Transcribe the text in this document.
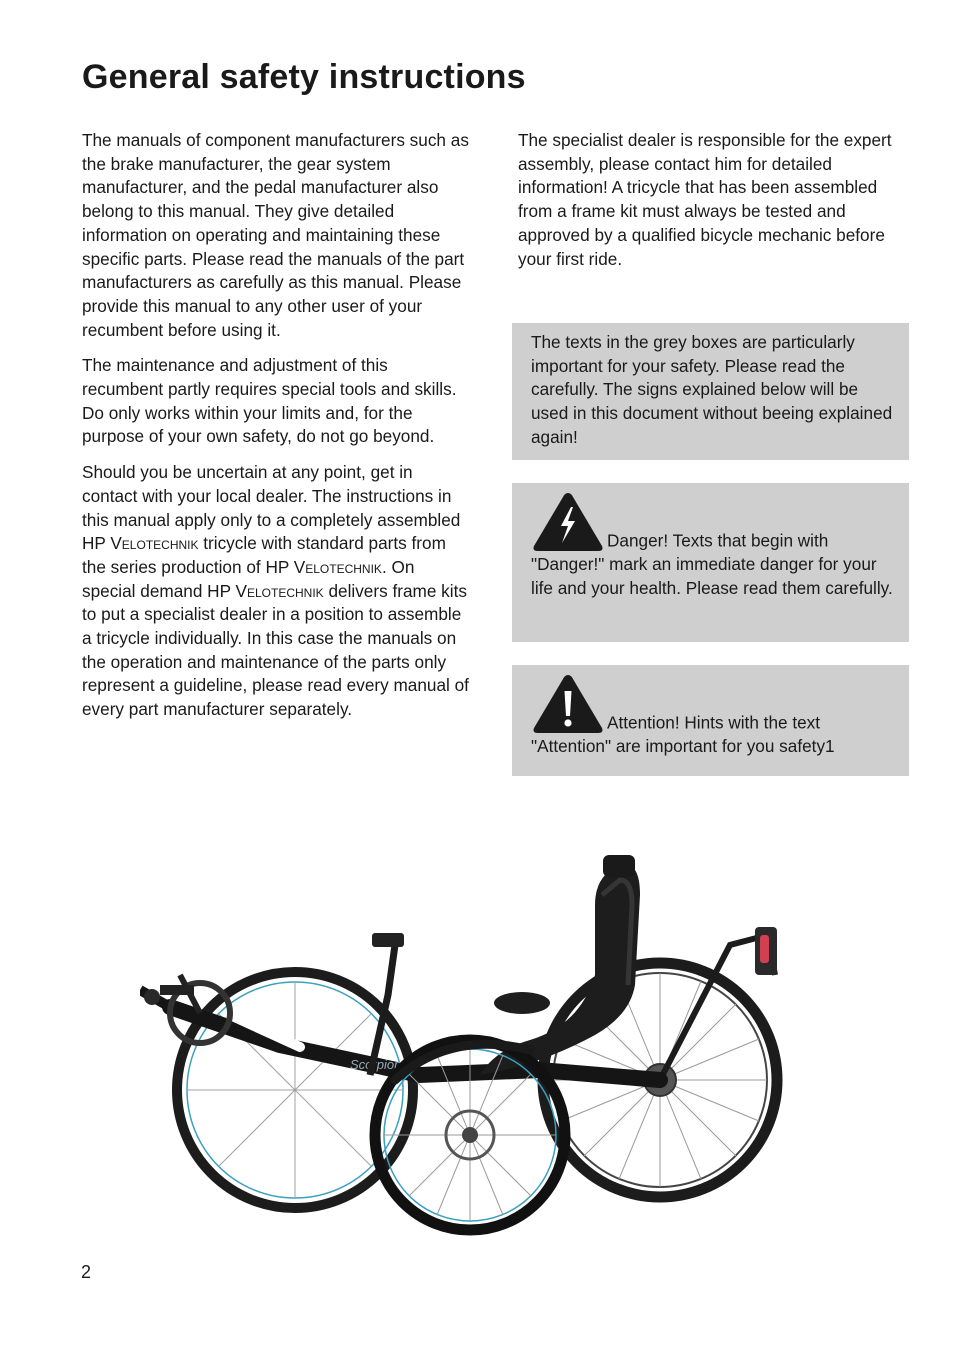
General safety instructions

The manuals of component manufacturers such as the brake manufacturer, the gear system manufacturer, and the pedal manufacturer also belong to this manual. They give detailed information on operating and maintaining these specific parts. Please read the manuals of the part manufacturers as carefully as this manual. Please provide this manual to any other user of your recumbent before using it.

The maintenance and adjustment of this recumbent partly requires special tools and skills. Do only works within your limits and, for the purpose of your own safety, do not go beyond.

Should you be uncertain at any point, get in contact with your local dealer. The instructions in this manual apply only to a completely assembled HP Velotechnik tricycle with standard parts from the series production of HP Velotechnik. On special demand HP Velotechnik delivers frame kits to put a specialist dealer in a position to assemble a tricycle individually. In this case the manuals on the operation and maintenance of the parts only represent a guideline, please read every manual of every part manufacturer separately.

The specialist dealer is responsible for the expert assembly, please contact him for detailed information! A tricycle that has been assembled from a frame kit must always be tested and approved by a qualified bicycle mechanic before your first ride.

The texts in the grey boxes are particularly important for your safety. Please read the carefully. The signs explained below will be used in this document without beeing explained again!
Danger! Texts that begin with "Danger!" mark an immediate danger for your life and your health. Please read them carefully.
Attention! Hints with the text "Attention" are important for you safety1
Scorpion
2
